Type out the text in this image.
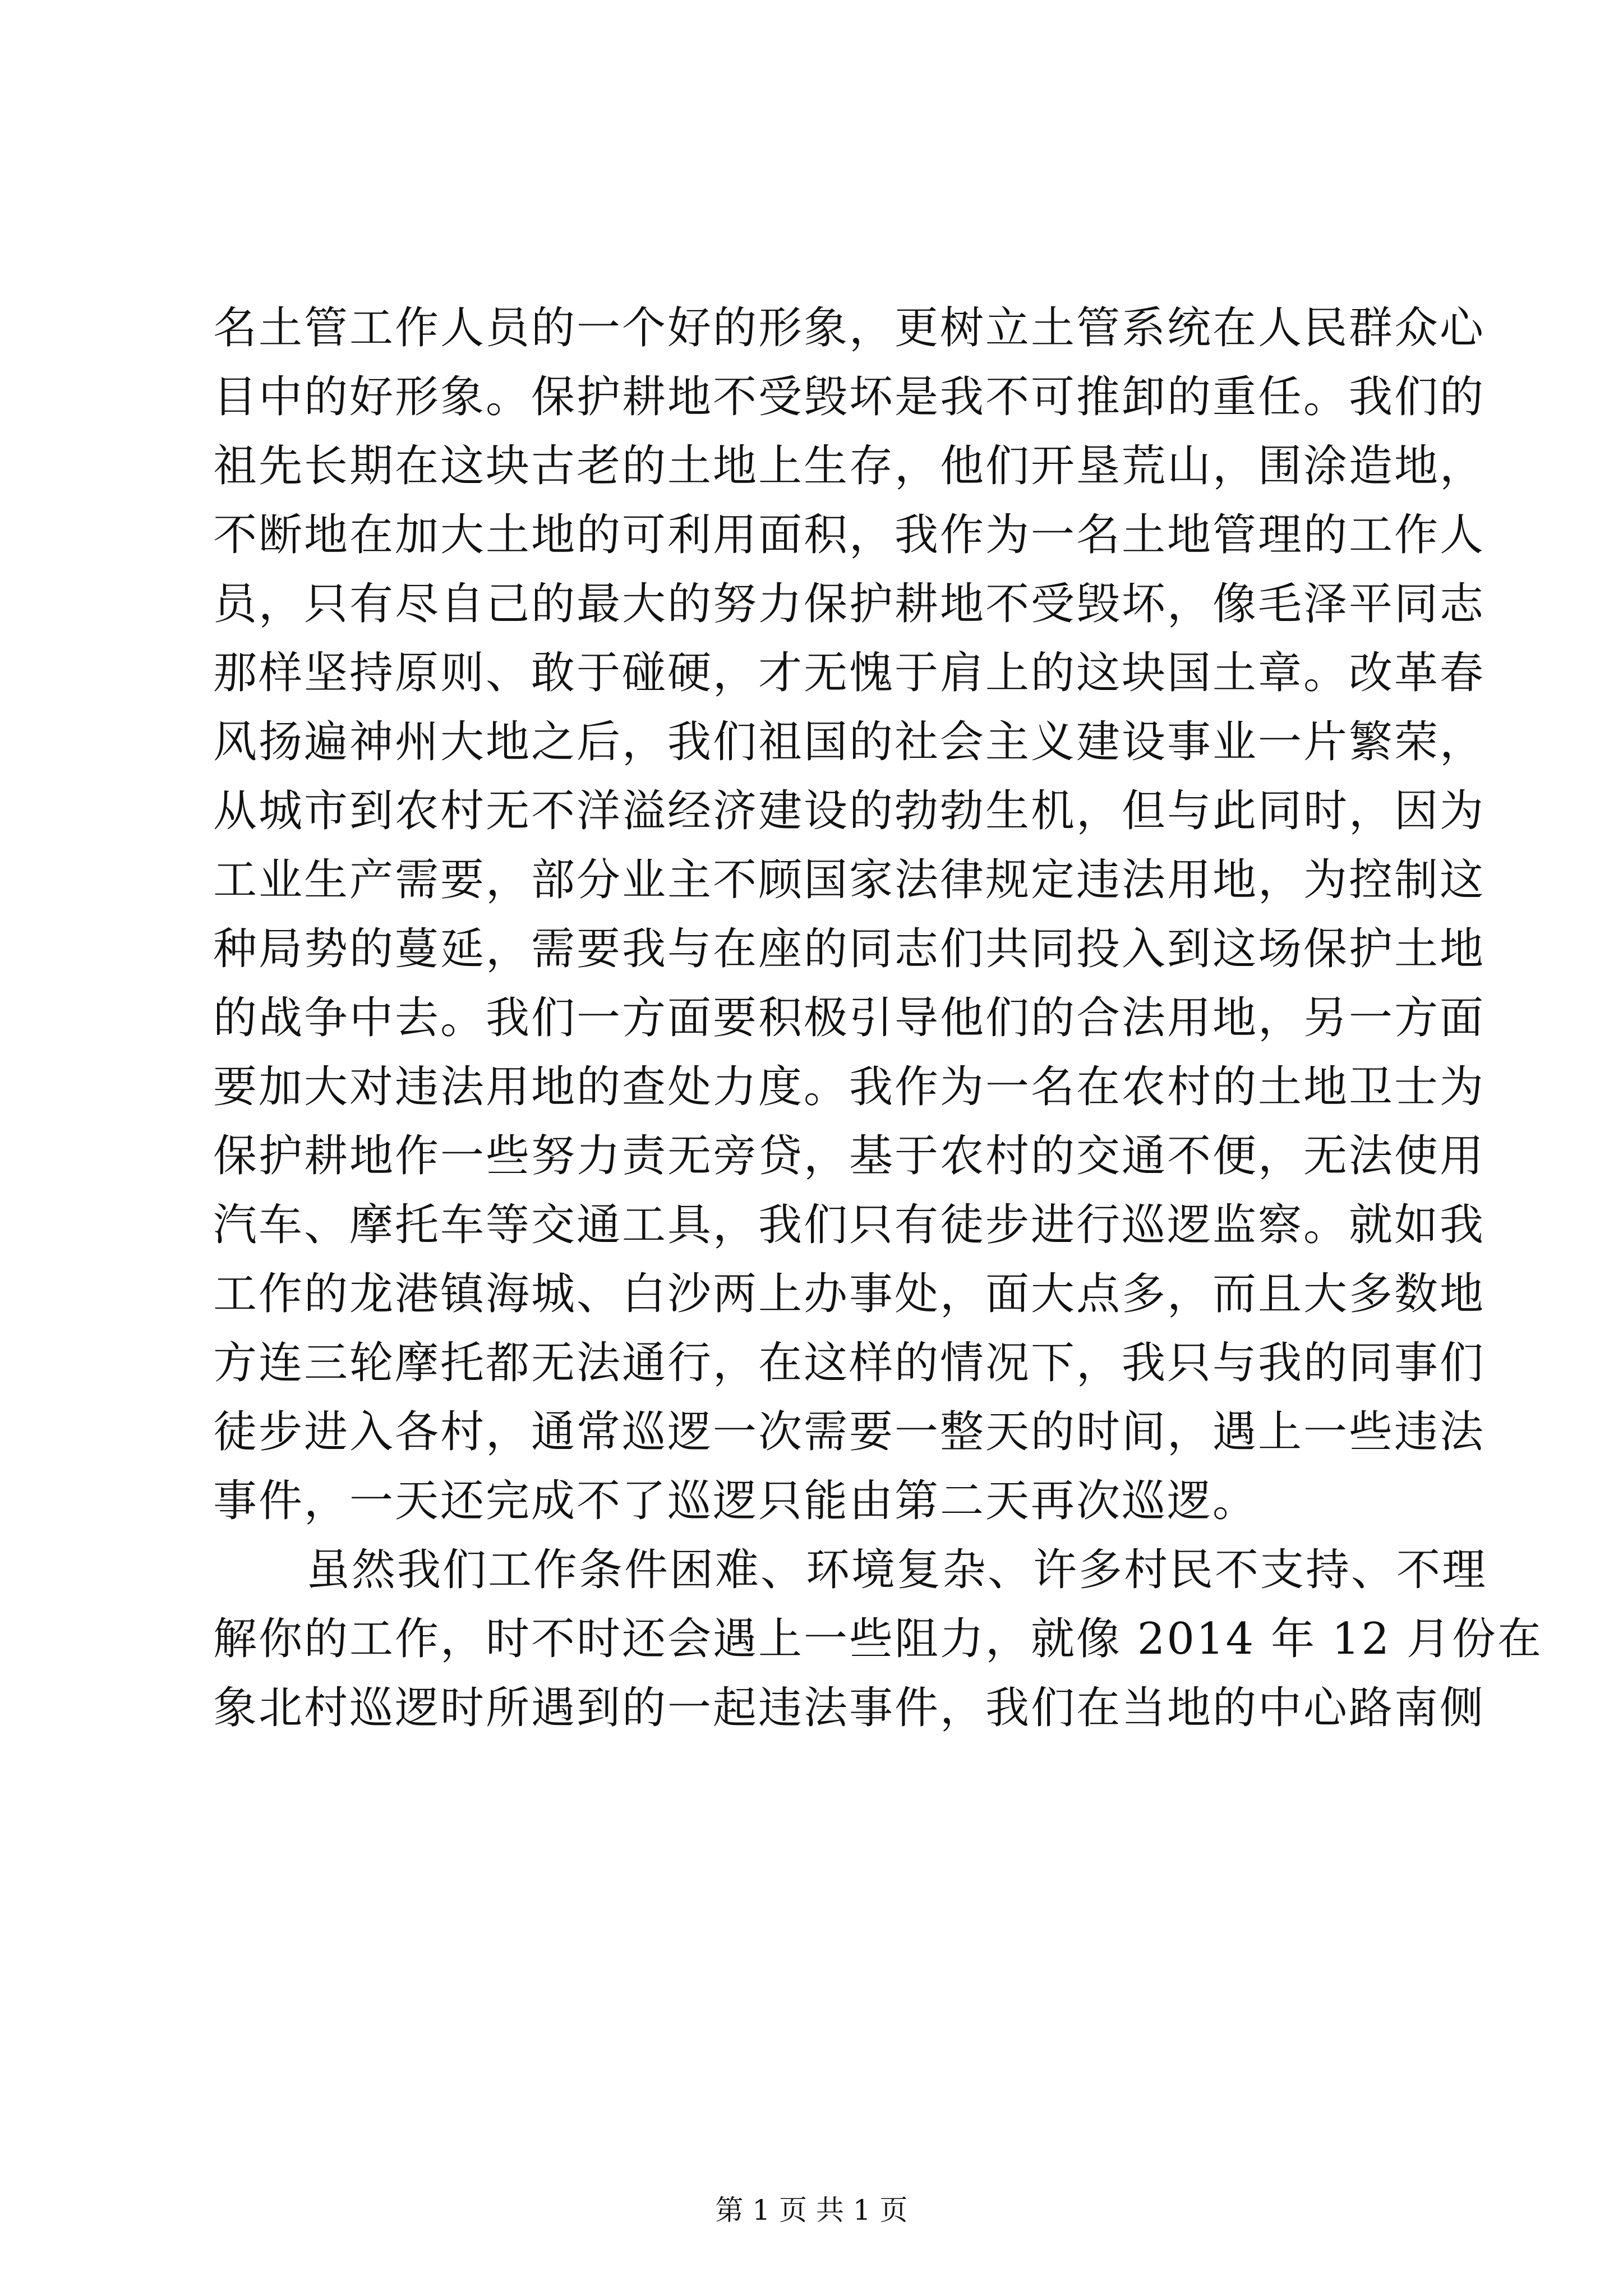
名土管工作人员的一个好的形象，更树立土管系统在人民群众心

目中的好形象。保护耕地不受毁坏是我不可推卸的重任。我们的

祖先长期在这块古老的土地上生存，他们开垦荒山，围涂造地，

不断地在加大土地的可利用面积，我作为一名土地管理的工作人

员，只有尽自己的最大的努力保护耕地不受毁坏，像毛泽平同志

那样坚持原则、敢于碰硬，才无愧于肩上的这块国土章。改革春

风扬遍神州大地之后，我们祖国的社会主义建设事业一片繁荣，

从城市到农村无不洋溢经济建设的勃勃生机，但与此同时，因为

工业生产需要，部分业主不顾国家法律规定违法用地，为控制这

种局势的蔓延，需要我与在座的同志们共同投入到这场保护土地

的战争中去。我们一方面要积极引导他们的合法用地，另一方面

要加大对违法用地的查处力度。我作为一名在农村的土地卫士为

保护耕地作一些努力责无旁贷，基于农村的交通不便，无法使用

汽车、摩托车等交通工具，我们只有徒步进行巡逻监察。就如我

工作的龙港镇海城、白沙两上办事处，面大点多，而且大多数地

方连三轮摩托都无法通行，在这样的情况下，我只与我的同事们

徒步进入各村，通常巡逻一次需要一整天的时间，遇上一些违法

事件，一天还完成不了巡逻只能由第二天再次巡逻。

虽然我们工作条件困难、环境复杂、许多村民不支持、不理

解你的工作，时不时还会遇上一些阻力，就像 2014 年 12 月份在

象北村巡逻时所遇到的一起违法事件，我们在当地的中心路南侧

第 1 页 共 1 页
